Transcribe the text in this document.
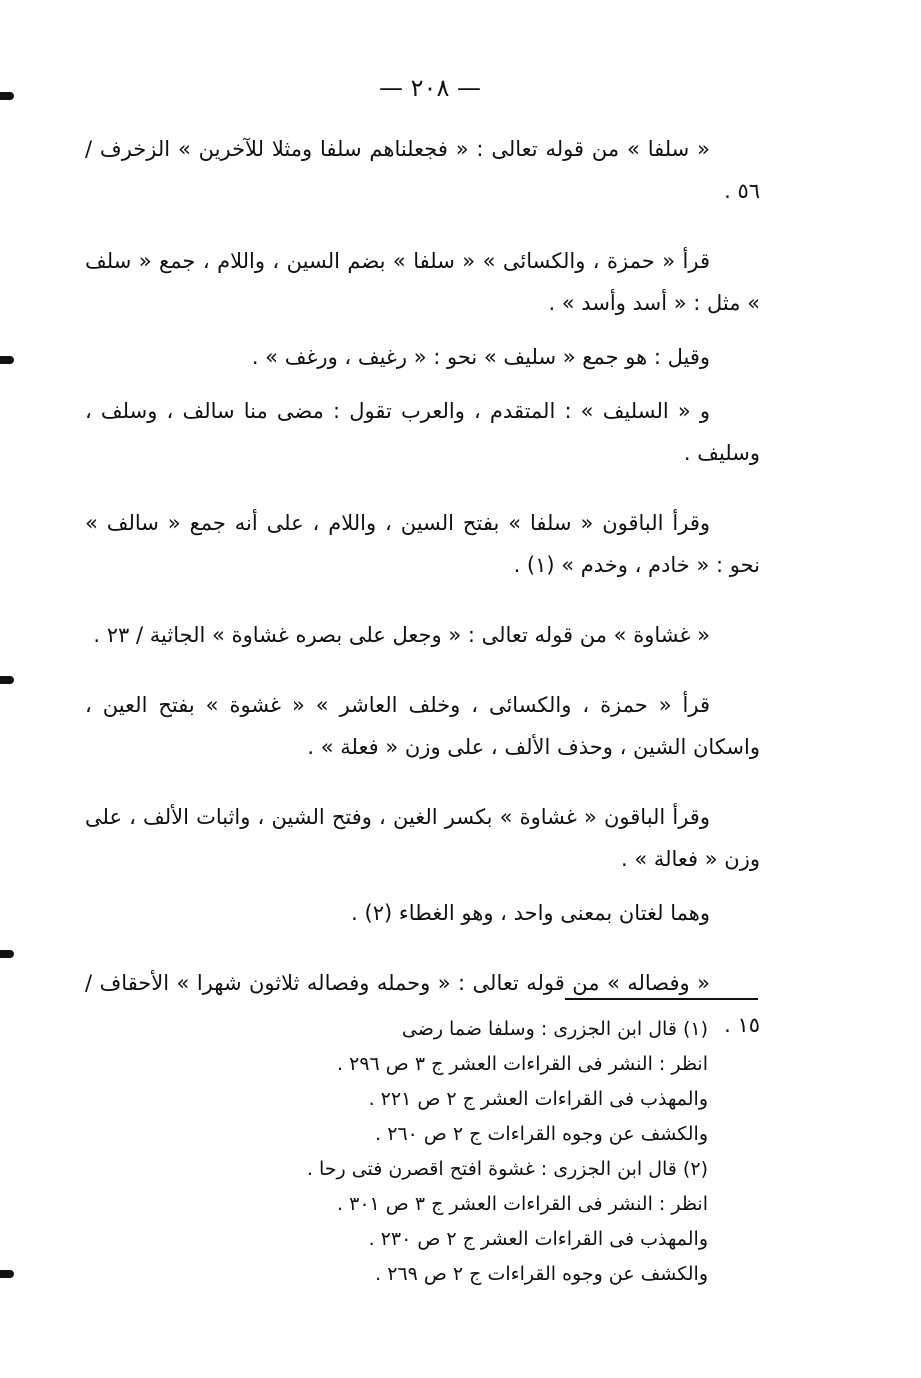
— ٢٠٨ —

« سلفا » من قوله تعالى : « فجعلناهم سلفا ومثلا للآخرين » الزخرف / ٥٦ .

قرأ « حمزة ، والكسائى » « سلفا » بضم السين ، واللام ، جمع « سلف » مثل : « أسد وأسد » .

وقيل : هو جمع « سليف » نحو : « رغيف ، ورغف » .

و « السليف » : المتقدم ، والعرب تقول : مضى منا سالف ، وسلف ، وسليف .

وقرأ الباقون « سلفا » بفتح السين ، واللام ، على أنه جمع « سالف » نحو : « خادم ، وخدم » (١) .

« غشاوة » من قوله تعالى : « وجعل على بصره غشاوة » الجاثية / ٢٣ .

قرأ « حمزة ، والكسائى ، وخلف العاشر » « غشوة » بفتح العين ، واسكان الشين ، وحذف الألف ، على وزن « فعلة » .

وقرأ الباقون « غشاوة » بكسر الغين ، وفتح الشين ، واثبات الألف ، على وزن « فعالة » .

وهما لغتان بمعنى واحد ، وهو الغطاء (٢) .

« وفصاله » من قوله تعالى : « وحمله وفصاله ثلاثون شهرا » الأحقاف / ١٥ .

(١) قال ابن الجزرى : وسلفا ضما رضى

انظر : النشر فى القراءات العشر ج ٣ ص ٢٩٦ .

والمهذب فى القراءات العشر ج ٢ ص ٢٢١ .

والكشف عن وجوه القراءات ج ٢ ص ٢٦٠ .

(٢) قال ابن الجزرى : غشوة افتح اقصرن فتى رحا .

انظر : النشر فى القراءات العشر ج ٣ ص ٣٠١ .

والمهذب فى القراءات العشر ج ٢ ص ٢٣٠ .

والكشف عن وجوه القراءات ج ٢ ص ٢٦٩ .
